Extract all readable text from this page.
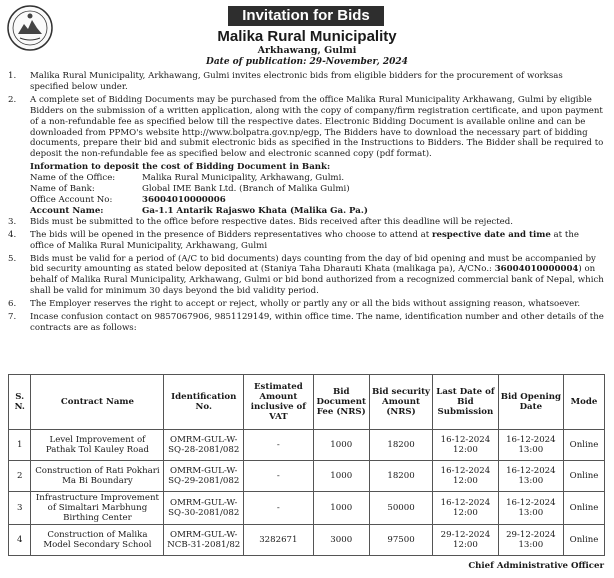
Invitation for Bids
Malika Rural Municipality
Arkhawang, Gulmi
Date of publication: 29-November, 2024
1.	Malika Rural Municipality, Arkhawang, Gulmi invites electronic bids from eligible bidders for the procurement of worksas specified below under.
2.	A complete set of Bidding Documents may be purchased from the office Malika Rural Municipality Arkhawang, Gulmi by eligible Bidders on the submission of a written application, along with the copy of company/firm registration certificate, and upon payment of a non-refundable fee as specified below till the respective dates. Electronic Bidding Document is available online and can be downloaded from PPMO's website http://www.bolpatra.gov.np/egp, The Bidders have to download the necessary part of bidding documents, prepare their bid and submit electronic bids as specified in the Instructions to Bidders. The Bidder shall be required to deposit the non-refundable fee as specified below and electronic scanned copy (pdf format).
Information to deposit the cost of Bidding Document in Bank:
Name of the Office:	Malika Rural Municipality, Arkhawang, Gulmi.
Name of Bank:	Global IME Bank Ltd. (Branch of Malika Gulmi)
Office Account No:	36004010000006
Account Name:	Ga-1.1 Antarik Rajaswo Khata (Malika Ga. Pa.)
3.	Bids must be submitted to the office before respective dates. Bids received after this deadline will be rejected.
4.	The bids will be opened in the presence of Bidders representatives who choose to attend at respective date and time at the office of Malika Rural Municipality, Arkhawang, Gulmi
5.	Bids must be valid for a period of (A/C to bid documents) days counting from the day of bid opening and must be accompanied by bid security amounting as stated below deposited at (Staniya Taha Dharauti Khata (malikaga pa), A/CNo.: 36004010000004) on behalf of Malika Rural Municipality, Arkhawang, Gulmi or bid bond authorized from a recognized commercial bank of Nepal, which shall be valid for minimum 30 days beyond the bid validity period.
6.	The Employer reserves the right to accept or reject, wholly or partly any or all the bids without assigning reason, whatsoever.
7.	Incase confusion contact on 9857067906, 9851129149, within office time. The name, identification number and other details of the contracts are as follows:
S. N.	Contract Name	Identification No.	Estimated Amount inclusive of VAT	Bid Document Fee (NRS)	Bid security Amount (NRS)	Last Date of Bid Submission	Bid Opening Date	Mode
1	Level Improvement of Pathak Tol Kauley Road	OMRM-GUL-W-SQ-28-2081/082	-	1000	18200	16-12-2024 12:00	16-12-2024 13:00	Online
2	Construction of Rati Pokhari Ma Bi Boundary	OMRM-GUL-W-SQ-29-2081/082	-	1000	18200	16-12-2024 12:00	16-12-2024 13:00	Online
3	Infrastructure Improvement of Simaltari Marbhung Birthing Center	OMRM-GUL-W-SQ-30-2081/082	-	1000	50000	16-12-2024 12:00	16-12-2024 13:00	Online
4	Construction of Malika Model Secondary School	OMRM-GUL-W-NCB-31-2081/82	3282671	3000	97500	29-12-2024 12:00	29-12-2024 13:00	Online
Chief Administrative Officer
